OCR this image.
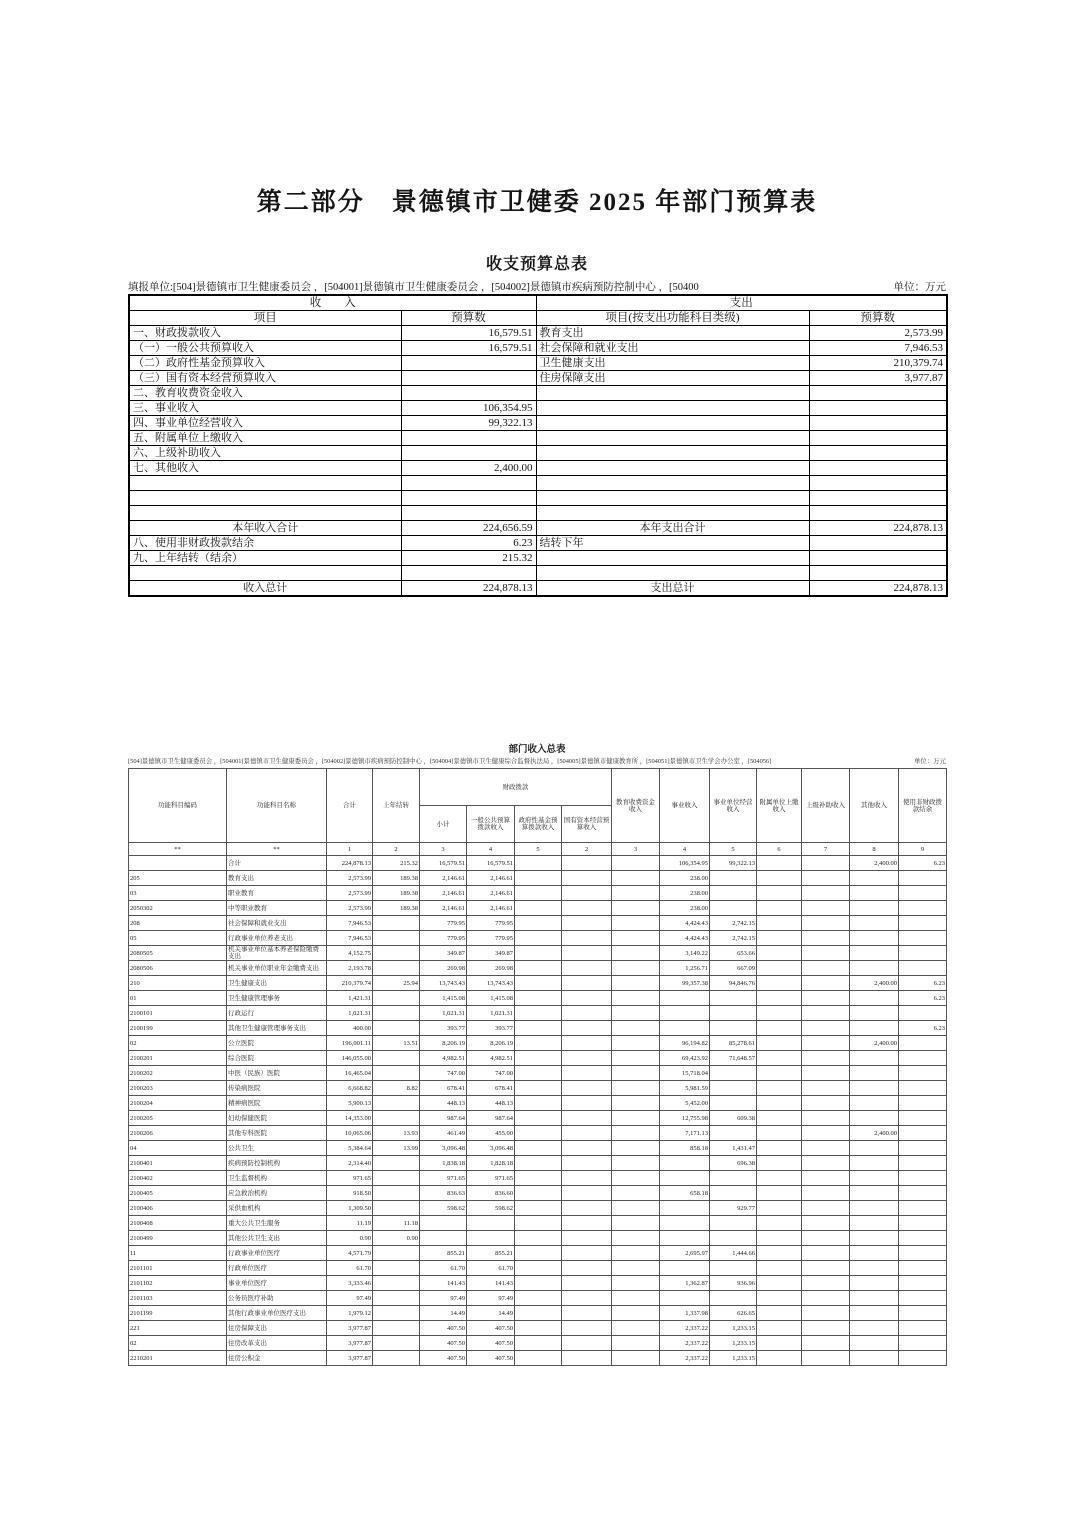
第二部分　景德镇市卫健委 2025 年部门预算表
收支预算总表
填报单位:[504]景德镇市卫生健康委员会 ，[504001]景德镇市卫生健康委员会 ，[504002]景德镇市疾病预防控制中心 ，[50400	单位：万元
收　　入		支出	
项目	预算数	项目(按支出功能科目类级)	预算数
一、财政拨款收入	16,579.51	教育支出	2,573.99
（一）一般公共预算收入	16,579.51	社会保障和就业支出	7,946.53
（二）政府性基金预算收入		卫生健康支出	210,379.74
（三）国有资本经营预算收入		住房保障支出	3,977.87
二、教育收费资金收入			
三、事业收入	106,354.95		
四、事业单位经营收入	99,322.13		
五、附属单位上缴收入			
六、上级补助收入			
七、其他收入	2,400.00		

本年收入合计	224,656.59	本年支出合计	224,878.13
八、使用非财政拨款结余	6.23	结转下年	
九、上年结转（结余）	215.32		

收入总计	224,878.13	支出总计	224,878.13
部门收入总表
[504]景德镇市卫生健康委员会 ，[504001]景德镇市卫生健康委员会 ，[504002]景德镇市疾病预防控制中心 ，[504004]景德镇市卫生健康综合监督执法局 ，[504005]景德镇市健康教育所 ，[504051]景德镇市卫生学会办公室 ，[504056]	单位：万元
功能科目编码	功能科目名称	合计	上年结转	财政拨款				教育收费资金收入	事业收入	事业单位经营收入	附属单位上缴收入	上级补助收入	其他收入	使用非财政拨款结余
				小计	一般公共预算拨款收入	政府性基金预算拨款收入	国有资本经营预算收入							
**	**	1	2	3	4	5	2	3	4	5	6	7	8	9
	合计	224,878.13	215.32	16,579.51	16,579.51				106,354.95	99,322.13			2,400.00	6.23
205	教育支出	2,573.99	189.38	2,146.61	2,146.61				238.00					
03	职业教育	2,573.99	189.38	2,146.61	2,146.61				238.00					
2050302	中等职业教育	2,573.99	189.38	2,146.61	2,146.61				238.00					
208	社会保障和就业支出	7,946.53		779.95	779.95				4,424.43	2,742.15				
05	行政事业单位养老支出	7,946.53		779.95	779.95				4,424.43	2,742.15				
2080505	机关事业单位基本养老保险缴费支出	4,152.75		349.87	349.87				3,149.22	653.66				
2080506	机关事业单位职业年金缴费支出	2,193.78		269.98	269.98				1,256.71	667.09				
210	卫生健康支出	210,379.74	25.94	13,743.43	13,743.43				99,357.38	94,846.76			2,400.00	6.23
01	卫生健康管理事务	1,421.31		1,415.08	1,415.08									6.23
2100101	行政运行	1,021.31		1,021.31	1,021.31									
2100199	其他卫生健康管理事务支出	400.00		393.77	393.77									6.23
02	公立医院	196,001.11	13.51	8,206.19	8,206.19				96,194.82	85,278.61			2,400.00	
2100201	综合医院	146,055.00		4,982.51	4,982.51				69,423.92	71,648.57				
2100202	中医（民族）医院	16,465.04		747.00	747.00				15,718.04					
2100203	传染病医院	6,668.82	8.82	678.41	678.41				5,981.59					
2100204	精神病医院	5,900.13		448.13	448.13				5,452.00					
2100205	妇幼保健医院	14,353.00		987.64	987.64				12,755.98	609.38				
2100206	其他专科医院	10,065.06	13.93	461.49	455.00				7,171.13				2,400.00	
04	公共卫生	5,384.64	13.99	3,096.48	3,096.48				858.18	1,431.47				
2100401	疾病预防控制机构	2,314.40		1,838.18	1,828.18					696.38				
2100402	卫生监督机构	971.65		971.65	971.65									
2100405	应急救治机构	918.50		836.63	836.60				658.18					
2100406	采供血机构	1,309.50		598.62	598.62					929.77				
2100408	重大公共卫生服务	11.19	11.18											
2100499	其他公共卫生支出	0.90	0.90											
11	行政事业单位医疗	4,571.79		855.21	855.21				2,695.97	1,444.66				
2101101	行政单位医疗	61.70		61.70	61.70									
2101102	事业单位医疗	3,333.46		141.43	141.43				1,362.87	936.96				
2101103	公务员医疗补助	97.49		97.49	97.49									
2101199	其他行政事业单位医疗支出	1,979.12		14.49	14.49				1,337.98	626.65				
221	住房保障支出	3,977.87		407.50	407.50				2,337.22	1,233.15				
02	住房改革支出	3,977.87		407.50	407.50				2,337.22	1,233.15				
2210201	住房公积金	3,977.87		407.50	407.50				2,337.22	1,233.15				
